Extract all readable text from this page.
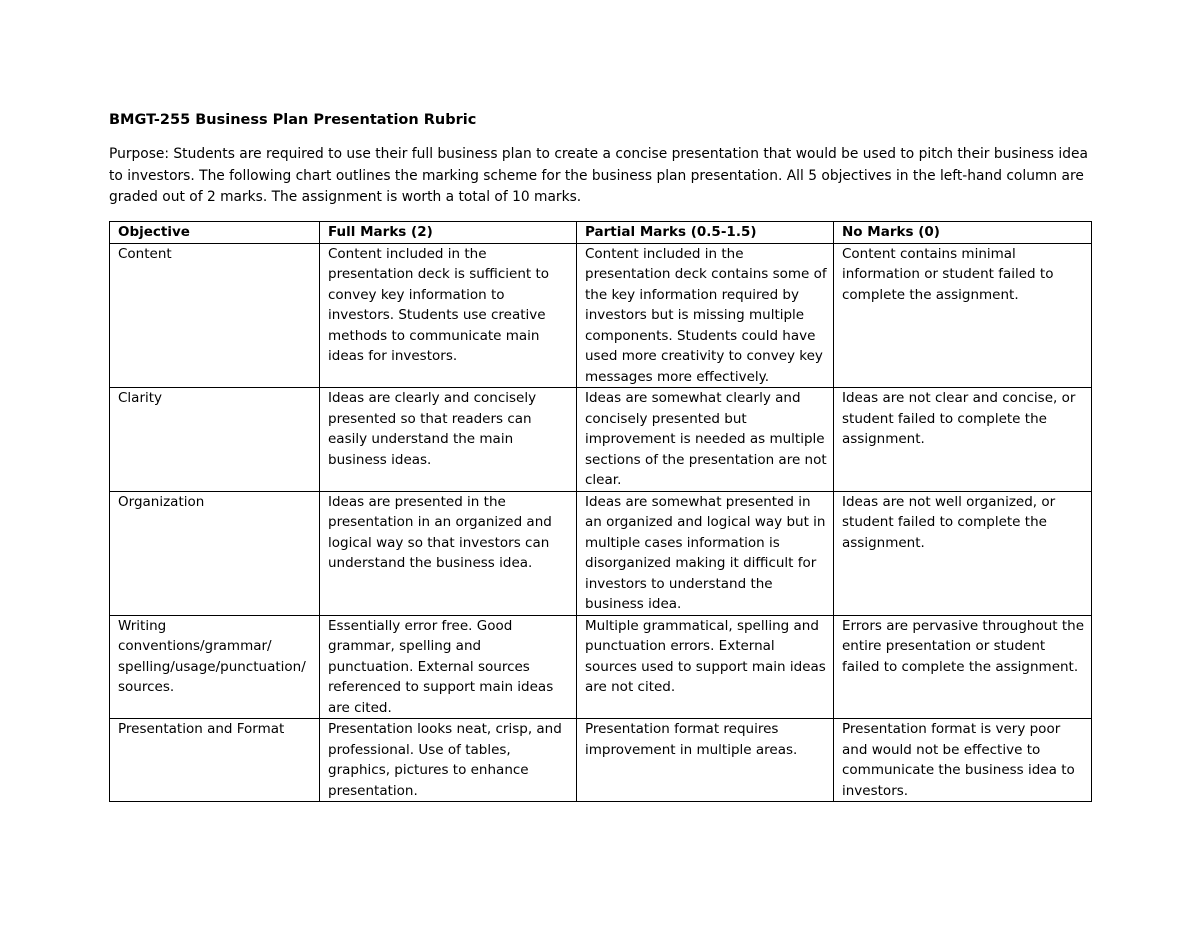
BMGT-255 Business Plan Presentation Rubric
Purpose: Students are required to use their full business plan to create a concise presentation that would be used to pitch their business idea to investors. The following chart outlines the marking scheme for the business plan presentation. All 5 objectives in the left-hand column are graded out of 2 marks. The assignment is worth a total of 10 marks.
Objective	Full Marks (2)	Partial Marks (0.5-1.5)	No Marks (0)
Content	Content included in the presentation deck is sufficient to convey key information to investors. Students use creative methods to communicate main ideas for investors.	Content included in the presentation deck contains some of the key information required by investors but is missing multiple components. Students could have used more creativity to convey key messages more effectively.	Content contains minimal information or student failed to complete the assignment.
Clarity	Ideas are clearly and concisely presented so that readers can easily understand the main business ideas.	Ideas are somewhat clearly and concisely presented but improvement is needed as multiple sections of the presentation are not clear.	Ideas are not clear and concise, or student failed to complete the assignment.
Organization	Ideas are presented in the presentation in an organized and logical way so that investors can understand the business idea.	Ideas are somewhat presented in an organized and logical way but in multiple cases information is disorganized making it difficult for investors to understand the business idea.	Ideas are not well organized, or student failed to complete the assignment.
Writing conventions/grammar/ spelling/usage/punctuation/ sources.	Essentially error free. Good grammar, spelling and punctuation. External sources referenced to support main ideas are cited.	Multiple grammatical, spelling and punctuation errors. External sources used to support main ideas are not cited.	Errors are pervasive throughout the entire presentation or student failed to complete the assignment.
Presentation and Format	Presentation looks neat, crisp, and professional. Use of tables, graphics, pictures to enhance presentation.	Presentation format requires improvement in multiple areas.	Presentation format is very poor and would not be effective to communicate the business idea to investors.
